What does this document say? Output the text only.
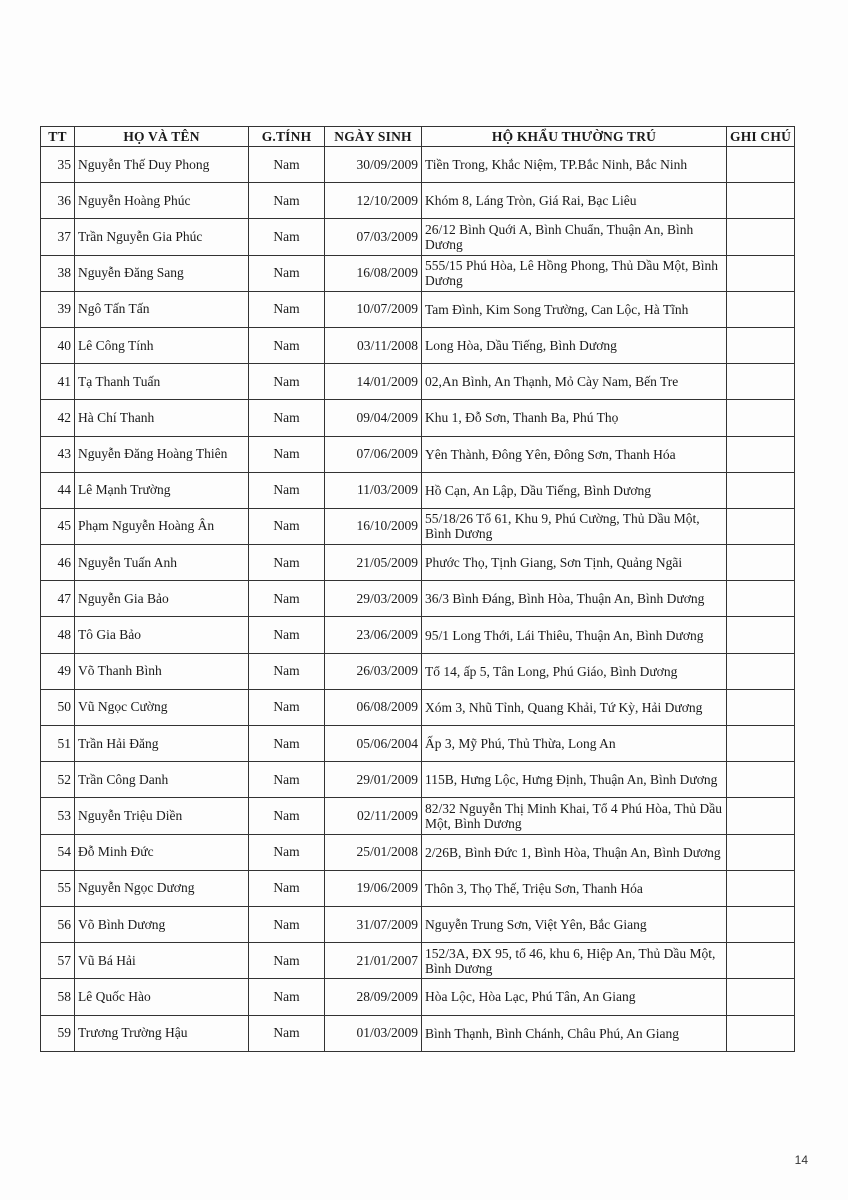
TT	HỌ VÀ TÊN	G.TÍNH	NGÀY SINH	HỘ KHẨU THƯỜNG TRÚ	GHI CHÚ
35	Nguyễn Thế Duy Phong	Nam	30/09/2009	Tiền Trong, Khắc Niệm, TP.Bắc Ninh, Bắc Ninh	
36	Nguyễn Hoàng Phúc	Nam	12/10/2009	Khóm 8, Láng Tròn, Giá Rai, Bạc Liêu	
37	Trần Nguyễn Gia Phúc	Nam	07/03/2009	26/12 Bình Quới A, Bình Chuẩn, Thuận An, Bình Dương	
38	Nguyễn Đăng Sang	Nam	16/08/2009	555/15 Phú Hòa, Lê Hồng Phong, Thủ Dầu Một, Bình Dương	
39	Ngô Tấn Tấn	Nam	10/07/2009	Tam Đình, Kim Song Trường, Can Lộc, Hà Tĩnh	
40	Lê Công Tính	Nam	03/11/2008	Long Hòa, Dầu Tiếng, Bình Dương	
41	Tạ Thanh Tuấn	Nam	14/01/2009	02,An Bình, An Thạnh, Mỏ Cày Nam, Bến Tre	
42	Hà Chí Thanh	Nam	09/04/2009	Khu 1, Đỗ Sơn, Thanh Ba, Phú Thọ	
43	Nguyễn Đăng Hoàng Thiên	Nam	07/06/2009	Yên Thành, Đông Yên, Đông Sơn, Thanh Hóa	
44	Lê Mạnh Trường	Nam	11/03/2009	Hồ Cạn, An Lập, Dầu Tiếng, Bình Dương	
45	Phạm Nguyễn Hoàng Ân	Nam	16/10/2009	55/18/26 Tổ 61, Khu 9, Phú Cường, Thủ Dầu Một, Bình Dương	
46	Nguyễn Tuấn Anh	Nam	21/05/2009	Phước Thọ, Tịnh Giang, Sơn Tịnh, Quảng Ngãi	
47	Nguyễn Gia Bảo	Nam	29/03/2009	36/3 Bình Đáng, Bình Hòa, Thuận An, Bình Dương	
48	Tô Gia Bảo	Nam	23/06/2009	95/1 Long Thới, Lái Thiêu, Thuận An, Bình Dương	
49	Võ Thanh Bình	Nam	26/03/2009	Tổ 14, ấp 5, Tân Long, Phú Giáo, Bình Dương	
50	Vũ Ngọc Cường	Nam	06/08/2009	Xóm 3, Nhũ Tỉnh, Quang Khải, Tứ Kỳ, Hải Dương	
51	Trần Hải Đăng	Nam	05/06/2004	Ấp 3, Mỹ Phú, Thủ Thừa, Long An	
52	Trần Công Danh	Nam	29/01/2009	115B, Hưng Lộc, Hưng Định, Thuận An, Bình Dương	
53	Nguyễn Triệu Diền	Nam	02/11/2009	82/32 Nguyễn Thị Minh Khai, Tổ 4 Phú Hòa, Thủ Dầu Một, Bình Dương	
54	Đỗ Minh Đức	Nam	25/01/2008	2/26B, Bình Đức 1, Bình Hòa, Thuận An, Bình Dương	
55	Nguyễn Ngọc Dương	Nam	19/06/2009	Thôn 3, Thọ Thế, Triệu Sơn, Thanh Hóa	
56	Võ Bình Dương	Nam	31/07/2009	Nguyễn Trung Sơn, Việt Yên, Bắc Giang	
57	Vũ Bá Hải	Nam	21/01/2007	152/3A, ĐX 95, tổ 46, khu 6, Hiệp An, Thủ Dầu Một, Bình Dương	
58	Lê Quốc Hào	Nam	28/09/2009	Hòa Lộc, Hòa Lạc, Phú Tân, An Giang	
59	Trương Trường Hậu	Nam	01/03/2009	Bình Thạnh, Bình Chánh, Châu Phú, An Giang	
14
